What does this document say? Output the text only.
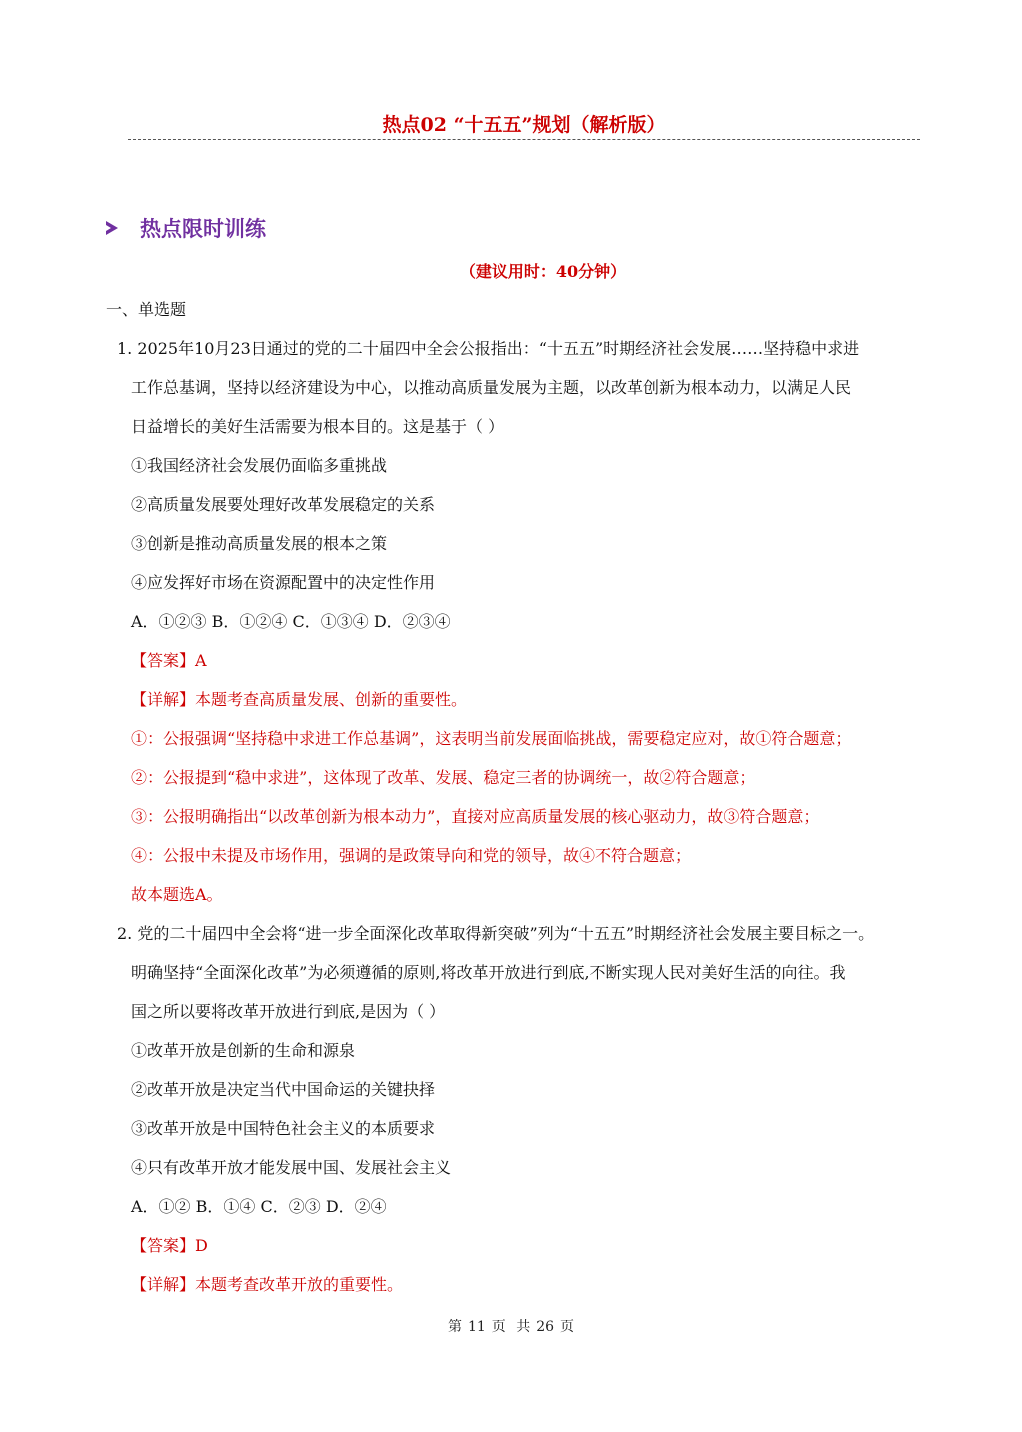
热点02 “十五五”规划（解析版）
热点限时训练
（建议用时：40分钟）
一、单选题
1. 2025年10月23日通过的党的二十届四中全会公报指出：“十五五”时期经济社会发展……坚持稳中求进
工作总基调，坚持以经济建设为中心，以推动高质量发展为主题，以改革创新为根本动力，以满足人民
日益增长的美好生活需要为根本目的。这是基于（ ）
①我国经济社会发展仍面临多重挑战
②高质量发展要处理好改革发展稳定的关系
③创新是推动高质量发展的根本之策
④应发挥好市场在资源配置中的决定性作用
A．①②③ B．①②④ C．①③④ D．②③④
【答案】A
【详解】本题考查高质量发展、创新的重要性。
①：公报强调“坚持稳中求进工作总基调”，这表明当前发展面临挑战，需要稳定应对，故①符合题意；
②：公报提到“稳中求进”，这体现了改革、发展、稳定三者的协调统一，故②符合题意；
③：公报明确指出“以改革创新为根本动力”，直接对应高质量发展的核心驱动力，故③符合题意；
④：公报中未提及市场作用，强调的是政策导向和党的领导，故④不符合题意；
故本题选A。
2. 党的二十届四中全会将“进一步全面深化改革取得新突破”列为“十五五”时期经济社会发展主要目标之一。
明确坚持“全面深化改革”为必须遵循的原则,将改革开放进行到底,不断实现人民对美好生活的向往。我
国之所以要将改革开放进行到底,是因为（ ）
①改革开放是创新的生命和源泉
②改革开放是决定当代中国命运的关键抉择
③改革开放是中国特色社会主义的本质要求
④只有改革开放才能发展中国、发展社会主义
A．①② B．①④ C．②③ D．②④
【答案】D
【详解】本题考查改革开放的重要性。
第 11 页 共 26 页
